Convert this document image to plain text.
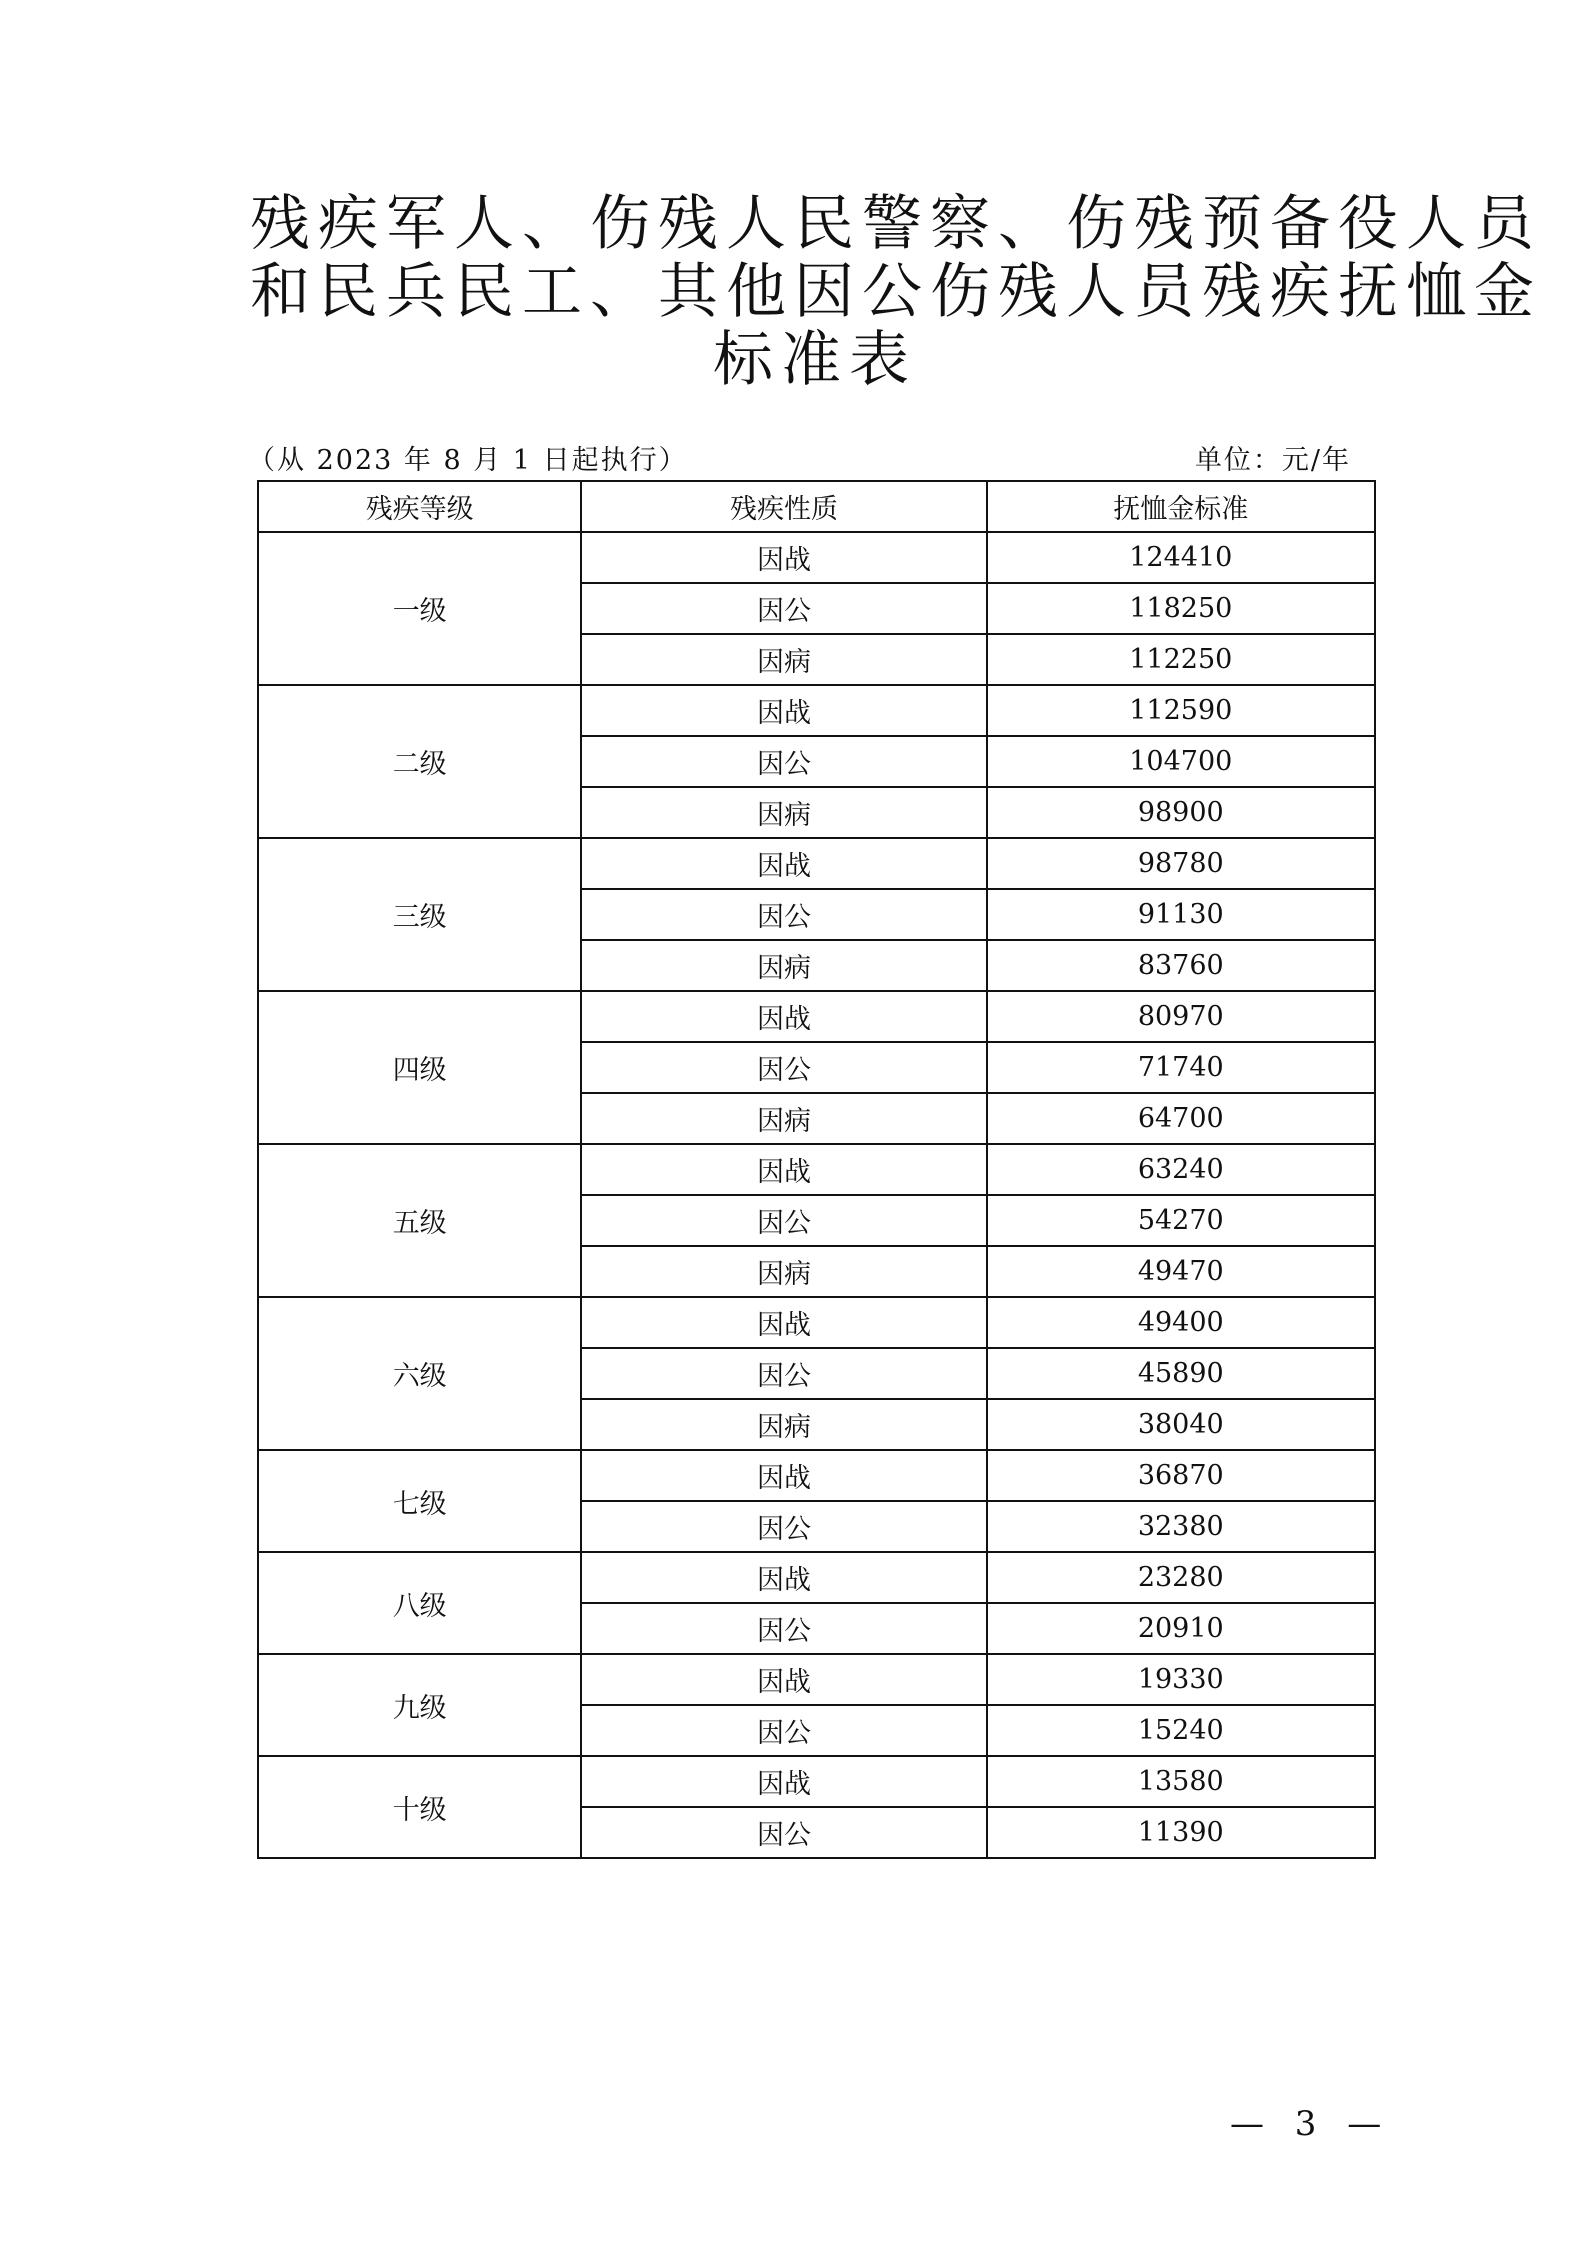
残疾军人、伤残人民警察、伤残预备役人员
和民兵民工、其他因公伤残人员残疾抚恤金
标准表
（从 2023 年 8 月 1 日起执行）	单位：元/年
残疾等级	残疾性质	抚恤金标准
一级	因战	124410
	因公	118250
	因病	112250
二级	因战	112590
	因公	104700
	因病	98900
三级	因战	98780
	因公	91130
	因病	83760
四级	因战	80970
	因公	71740
	因病	64700
五级	因战	63240
	因公	54270
	因病	49470
六级	因战	49400
	因公	45890
	因病	38040
七级	因战	36870
	因公	32380
八级	因战	23280
	因公	20910
九级	因战	19330
	因公	15240
十级	因战	13580
	因公	11390
— 3 —
